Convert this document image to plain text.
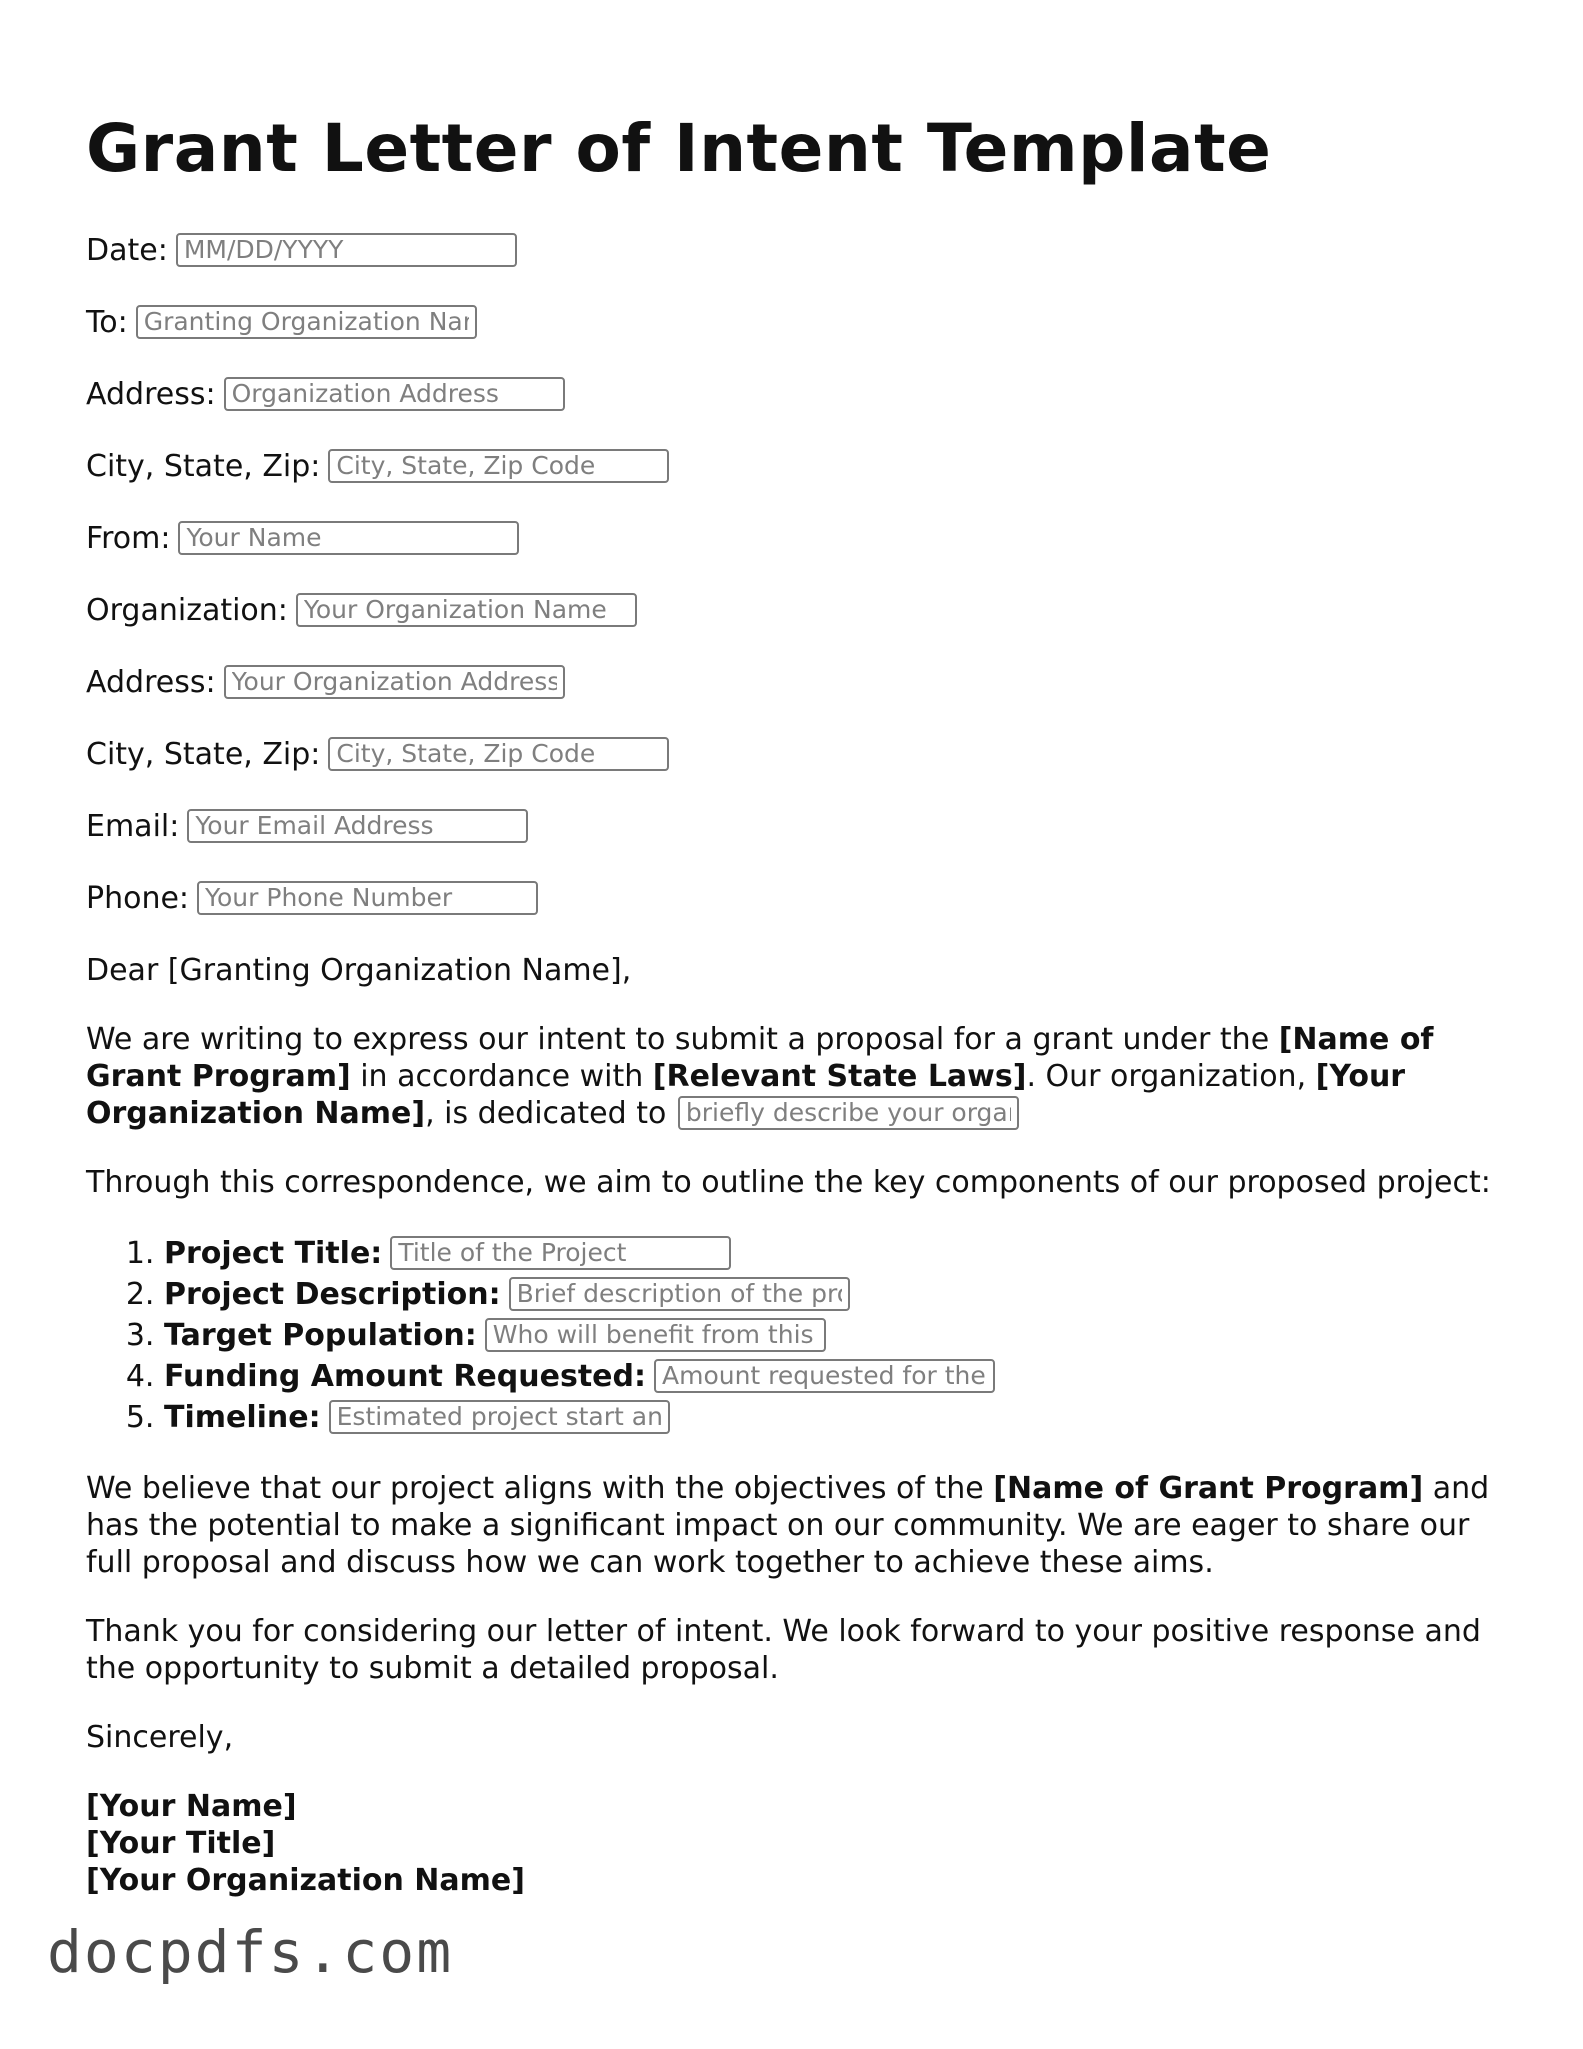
Grant Letter of Intent Template
Date:MM/DD/YYYY
To:Granting Organization Name
Address:Organization Address
City, State, Zip:City, State, Zip Code
From:Your Name
Organization:Your Organization Name
Address:Your Organization Address
City, State, Zip:City, State, Zip Code
Email:Your Email Address
Phone:Your Phone Number

Dear [Granting Organization Name],

We are writing to express our intent to submit a proposal for a grant under the [Name of Grant Program] in accordance with [Relevant State Laws]. Our organization, [Your Organization Name], is dedicated to briefly describe your organization's mission

Through this correspondence, we aim to outline the key components of our proposed project:

1. Project Title:Title of the Project
2. Project Description:Brief description of the project
3. Target Population:Who will benefit from this project
4. Funding Amount Requested:Amount requested for the project
5. Timeline:Estimated project start and end dates

We believe that our project aligns with the objectives of the [Name of Grant Program] and has the potential to make a significant impact on our community. We are eager to share our full proposal and discuss how we can work together to achieve these aims.

Thank you for considering our letter of intent. We look forward to your positive response and the opportunity to submit a detailed proposal.

Sincerely,

[Your Name]

[Your Title]

[Your Organization Name]

docpdfs.com
